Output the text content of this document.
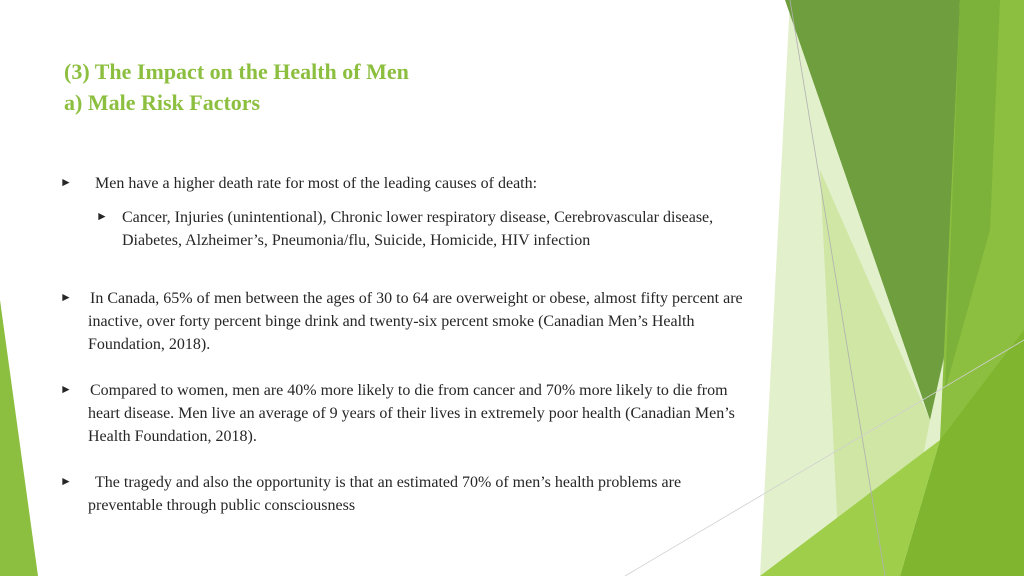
(3) The Impact on the Health of Men
a) Male Risk Factors
► Men have a higher death rate for most of the leading causes of death:
► Cancer, Injuries (unintentional), Chronic lower respiratory disease, Cerebrovascular disease, Diabetes, Alzheimer’s, Pneumonia/flu, Suicide, Homicide, HIV infection
► In Canada, 65% of men between the ages of 30 to 64 are overweight or obese, almost fifty percent are inactive, over forty percent binge drink and twenty-six percent smoke (Canadian Men’s Health Foundation, 2018).
► Compared to women, men are 40% more likely to die from cancer and 70% more likely to die from heart disease. Men live an average of 9 years of their lives in extremely poor health (Canadian Men’s Health Foundation, 2018).
►	The tragedy and also the opportunity is that an estimated 70% of men’s health problems are preventable through public consciousness
